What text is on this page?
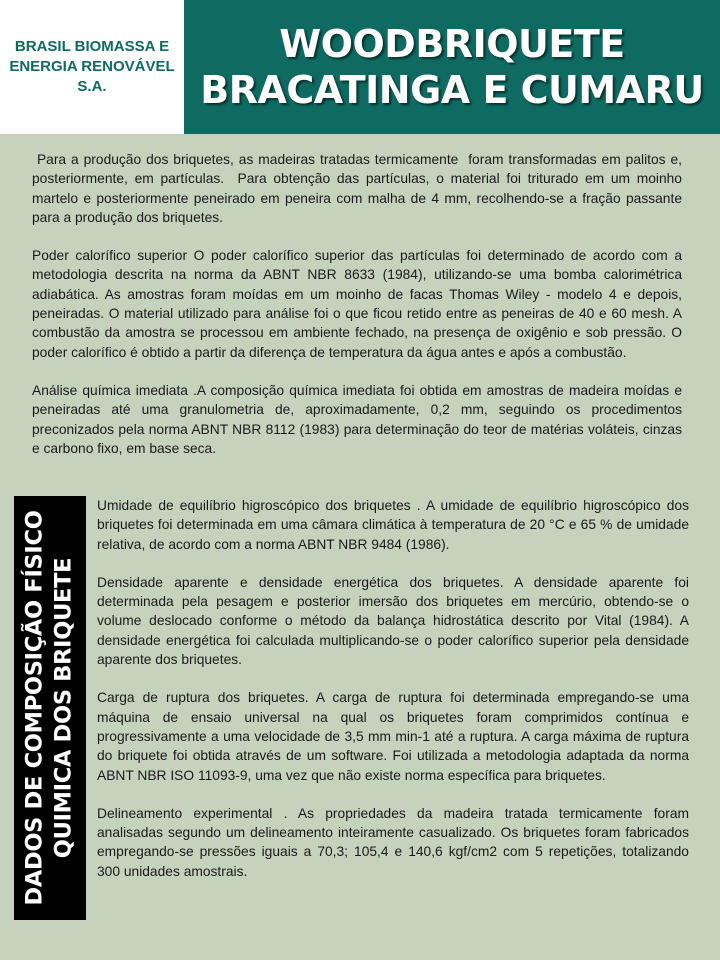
BRASIL BIOMASSA E ENERGIA RENOVÁVEL S.A.
WOODBRIQUETE
BRACATINGA E CUMARU

Para a produção dos briquetes, as madeiras tratadas termicamente  foram transformadas em palitos e, posteriormente, em partículas.  Para obtenção das partículas, o material foi triturado em um moinho martelo e posteriormente peneirado em peneira com malha de 4 mm, recolhendo-se a fração passante para a produção dos briquetes.

Poder calorífico superior O poder calorífico superior das partículas foi determinado de acordo com a metodologia descrita na norma da ABNT NBR 8633 (1984), utilizando-se uma bomba calorimétrica adiabática. As amostras foram moídas em um moinho de facas Thomas Wiley - modelo 4 e depois, peneiradas. O material utilizado para análise foi o que ficou retido entre as peneiras de 40 e 60 mesh. A combustão da amostra se processou em ambiente fechado, na presença de oxigênio e sob pressão. O poder calorífico é obtido a partir da diferença de temperatura da água antes e após a combustão.

Análise química imediata .A composição química imediata foi obtida em amostras de madeira moídas e peneiradas até uma granulometria de, aproximadamente, 0,2 mm, seguindo os procedimentos preconizados pela norma ABNT NBR 8112 (1983) para determinação do teor de matérias voláteis, cinzas e carbono fixo, em base seca.

DADOS DE COMPOSIÇÃO FÍSICO QUIMICA DOS BRIQUETE

Umidade de equilíbrio higroscópico dos briquetes . A umidade de equilíbrio higroscópico dos briquetes foi determinada em uma câmara climática à temperatura de 20 °C e 65 % de umidade relativa, de acordo com a norma ABNT NBR 9484 (1986).

Densidade aparente e densidade energética dos briquetes. A densidade aparente foi determinada pela pesagem e posterior imersão dos briquetes em mercúrio, obtendo-se o volume deslocado conforme o método da balança hidrostática descrito por Vital (1984). A densidade energética foi calculada multiplicando-se o poder calorífico superior pela densidade aparente dos briquetes.

Carga de ruptura dos briquetes. A carga de ruptura foi determinada empregando-se uma máquina de ensaio universal na qual os briquetes foram comprimidos contínua e progressivamente a uma velocidade de 3,5 mm min-1 até a ruptura. A carga máxima de ruptura do briquete foi obtida através de um software. Foi utilizada a metodologia adaptada da norma ABNT NBR ISO 11093-9, uma vez que não existe norma específica para briquetes.

Delineamento experimental . As propriedades da madeira tratada termicamente foram analisadas segundo um delineamento inteiramente casualizado. Os briquetes foram fabricados empregando-se pressões iguais a 70,3; 105,4 e 140,6 kgf/cm2 com 5 repetições, totalizando 300 unidades amostrais.
